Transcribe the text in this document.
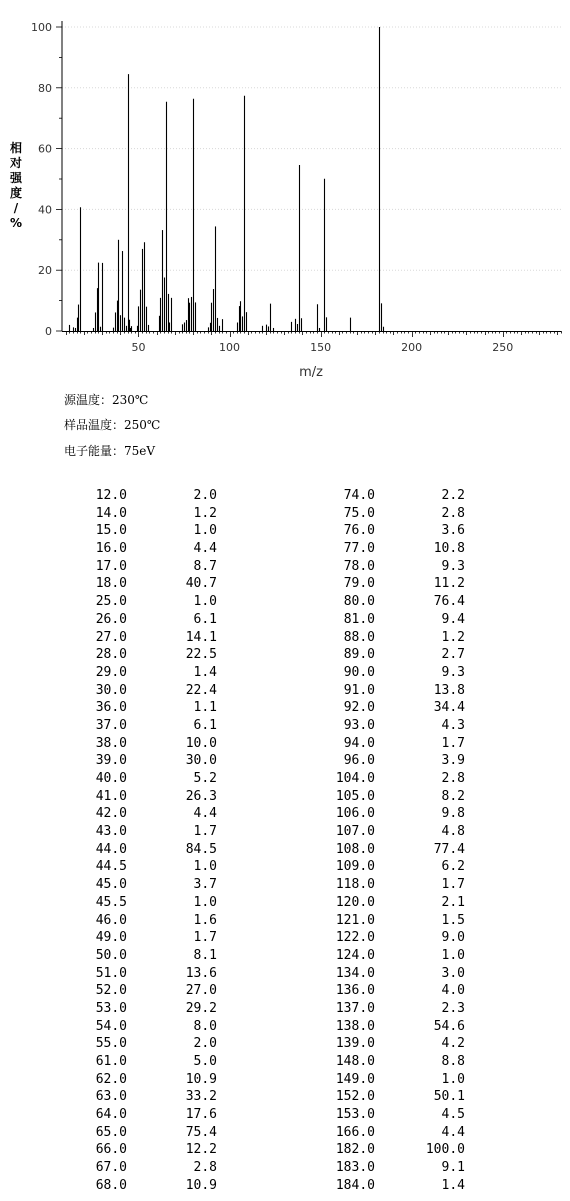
50	100	150	200	250
0
20
40
60
80
100
m/z
相对强度/ %
源温度：230℃
样品温度：250℃
电子能量：75eV
12.0	2.0
14.0	1.2
15.0	1.0
16.0	4.4
17.0	8.7
18.0	40.7
25.0	1.0
26.0	6.1
27.0	14.1
28.0	22.5
29.0	1.4
30.0	22.4
36.0	1.1
37.0	6.1
38.0	10.0
39.0	30.0
40.0	5.2
41.0	26.3
42.0	4.4
43.0	1.7
44.0	84.5
44.5	1.0
45.0	3.7
45.5	1.0
46.0	1.6
49.0	1.7
50.0	8.1
51.0	13.6
52.0	27.0
53.0	29.2
54.0	8.0
55.0	2.0
61.0	5.0
62.0	10.9
63.0	33.2
64.0	17.6
65.0	75.4
66.0	12.2
67.0	2.8
68.0	10.9
74.0	2.2
75.0	2.8
76.0	3.6
77.0	10.8
78.0	9.3
79.0	11.2
80.0	76.4
81.0	9.4
88.0	1.2
89.0	2.7
90.0	9.3
91.0	13.8
92.0	34.4
93.0	4.3
94.0	1.7
96.0	3.9
104.0	2.8
105.0	8.2
106.0	9.8
107.0	4.8
108.0	77.4
109.0	6.2
118.0	1.7
120.0	2.1
121.0	1.5
122.0	9.0
124.0	1.0
134.0	3.0
136.0	4.0
137.0	2.3
138.0	54.6
139.0	4.2
148.0	8.8
149.0	1.0
152.0	50.1
153.0	4.5
166.0	4.4
182.0	100.0
183.0	9.1
184.0	1.4
